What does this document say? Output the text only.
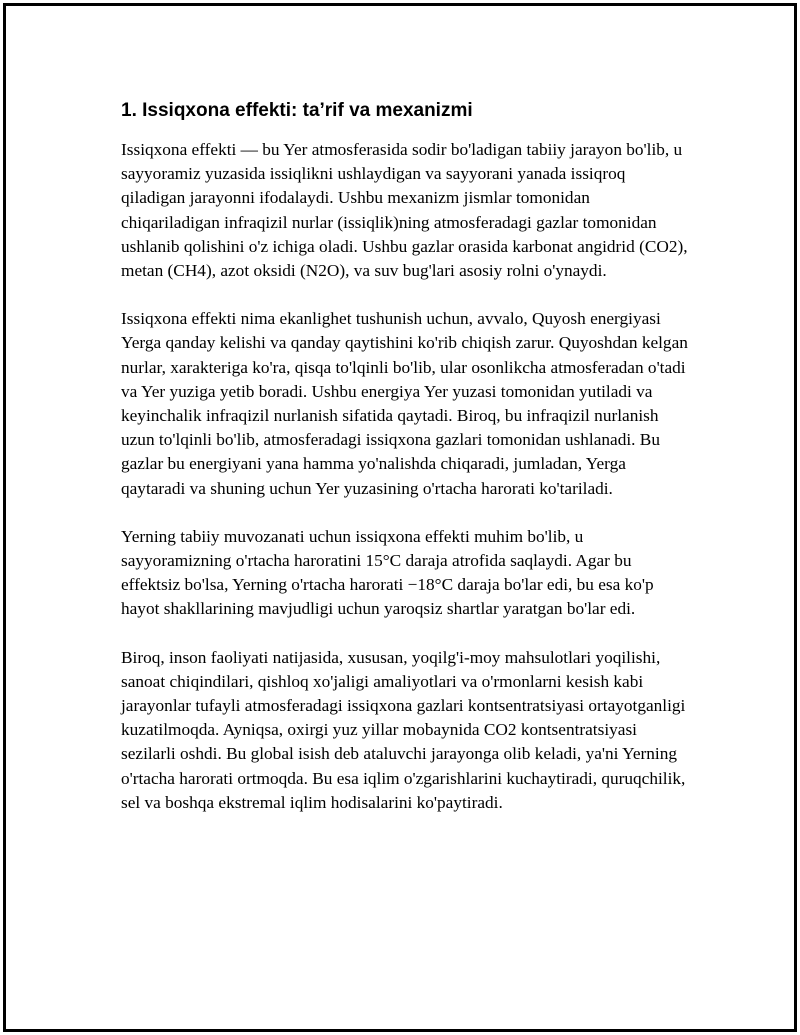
1. Issiqxona effekti: ta’rif va mexanizmi

Issiqxona effekti — bu Yer atmosferasida sodir bo'ladigan tabiiy jarayon bo'lib, u sayyoramiz yuzasida issiqlikni ushlaydigan va sayyorani yanada issiqroq qiladigan jarayonni ifodalaydi. Ushbu mexanizm jismlar tomonidan chiqariladigan infraqizil nurlar (issiqlik)ning atmosferadagi gazlar tomonidan ushlanib qolishini o'z ichiga oladi. Ushbu gazlar orasida karbonat angidrid (CO2), metan (CH4), azot oksidi (N2O), va suv bug'lari asosiy rolni o'ynaydi.

Issiqxona effekti nima ekanlighet tushunish uchun, avvalo, Quyosh energiyasi Yerga qanday kelishi va qanday qaytishini ko'rib chiqish zarur. Quyoshdan kelgan nurlar, xarakteriga ko'ra, qisqa to'lqinli bo'lib, ular osonlikcha atmosferadan o'tadi va Yer yuziga yetib boradi. Ushbu energiya Yer yuzasi tomonidan yutiladi va keyinchalik infraqizil nurlanish sifatida qaytadi. Biroq, bu infraqizil nurlanish uzun to'lqinli bo'lib, atmosferadagi issiqxona gazlari tomonidan ushlanadi. Bu gazlar bu energiyani yana hamma yo'nalishda chiqaradi, jumladan, Yerga qaytaradi va shuning uchun Yer yuzasining o'rtacha harorati ko'tariladi.

Yerning tabiiy muvozanati uchun issiqxona effekti muhim bo'lib, u sayyoramizning o'rtacha haroratini 15°C daraja atrofida saqlaydi. Agar bu effektsiz bo'lsa, Yerning o'rtacha harorati −18°C daraja bo'lar edi, bu esa ko'p hayot shakllarining mavjudligi uchun yaroqsiz shartlar yaratgan bo'lar edi.

Biroq, inson faoliyati natijasida, xususan, yoqilg'i-moy mahsulotlari yoqilishi, sanoat chiqindilari, qishloq xo'jaligi amaliyotlari va o'rmonlarni kesish kabi jarayonlar tufayli atmosferadagi issiqxona gazlari kontsentratsiyasi ortayotganligi kuzatilmoqda. Ayniqsa, oxirgi yuz yillar mobaynida CO2 kontsentratsiyasi sezilarli oshdi. Bu global isish deb ataluvchi jarayonga olib keladi, ya'ni Yerning o'rtacha harorati ortmoqda. Bu esa iqlim o'zgarishlarini kuchaytiradi, quruqchilik, sel va boshqa ekstremal iqlim hodisalarini ko'paytiradi.
